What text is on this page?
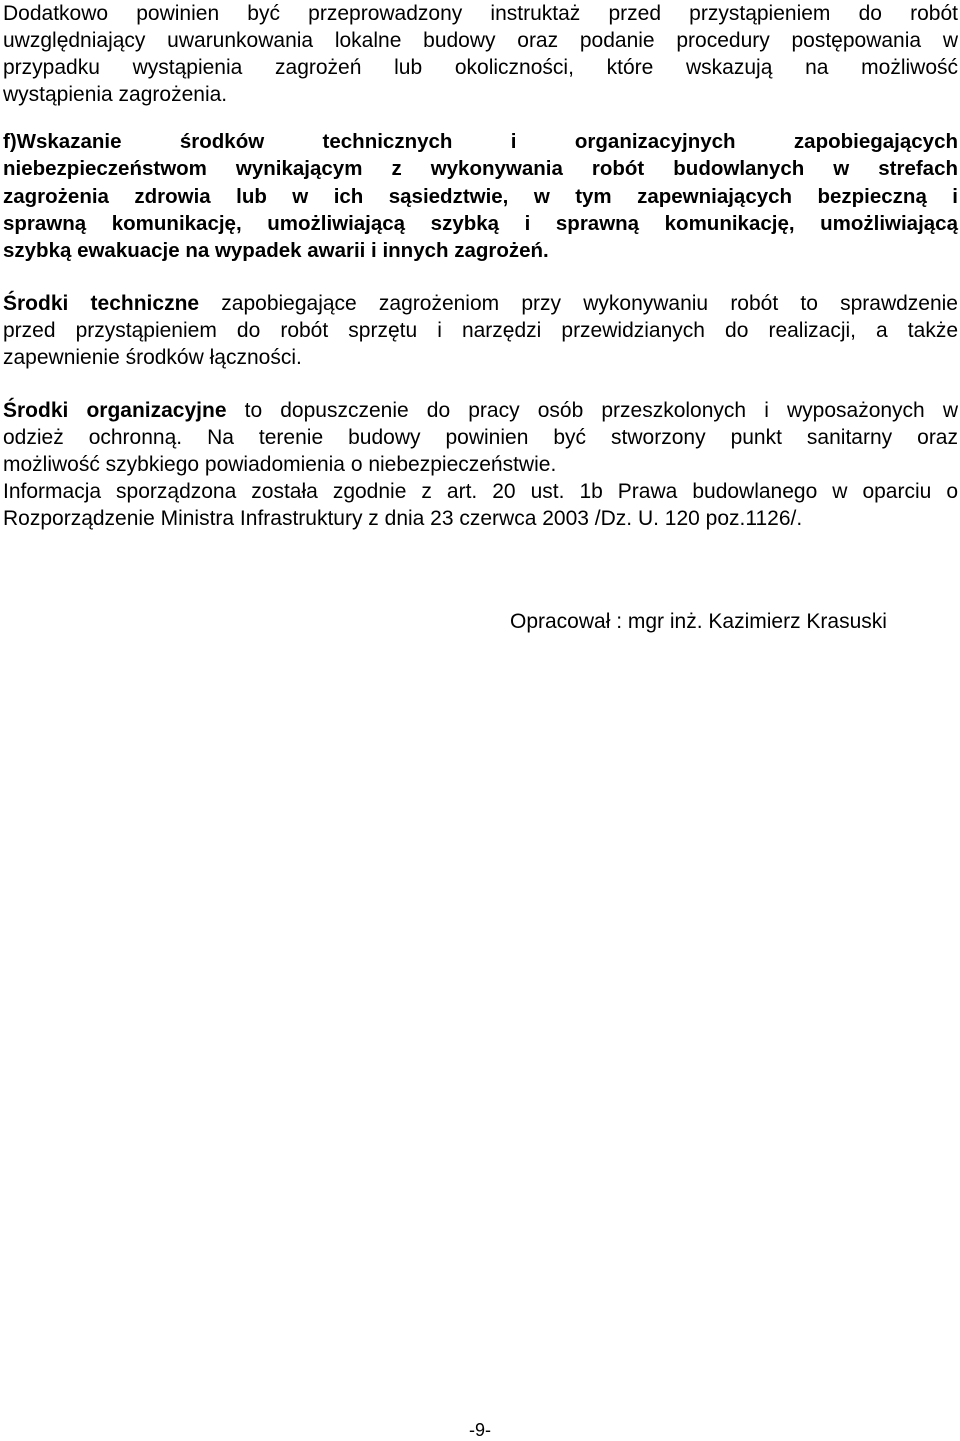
Dodatkowo powinien być przeprowadzony instruktaż przed przystąpieniem do robót
uwzględniający uwarunkowania lokalne budowy oraz podanie procedury postępowania w
przypadku wystąpienia zagrożeń lub okoliczności, które wskazują na możliwość
wystąpienia zagrożenia.

f)Wskazanie środków technicznych i organizacyjnych zapobiegających
niebezpieczeństwom wynikającym z wykonywania robót budowlanych w strefach
zagrożenia zdrowia lub w ich sąsiedztwie, w tym zapewniających bezpieczną i
sprawną komunikację, umożliwiającą szybką i sprawną komunikację, umożliwiającą
szybką ewakuacje na wypadek awarii i innych zagrożeń.

Środki techniczne zapobiegające zagrożeniom przy wykonywaniu robót to sprawdzenie
przed przystąpieniem do robót sprzętu i narzędzi przewidzianych do realizacji, a także
zapewnienie środków łączności.

Środki organizacyjne to dopuszczenie do pracy osób przeszkolonych i wyposażonych w
odzież ochronną. Na terenie budowy powinien być stworzony punkt sanitarny oraz
możliwość szybkiego powiadomienia o niebezpieczeństwie.

Informacja sporządzona została zgodnie z art. 20 ust. 1b Prawa budowlanego w oparciu o
Rozporządzenie Ministra Infrastruktury z dnia 23 czerwca 2003 /Dz. U. 120 poz.1126/.

Opracował : mgr inż. Kazimierz Krasuski

-9-
